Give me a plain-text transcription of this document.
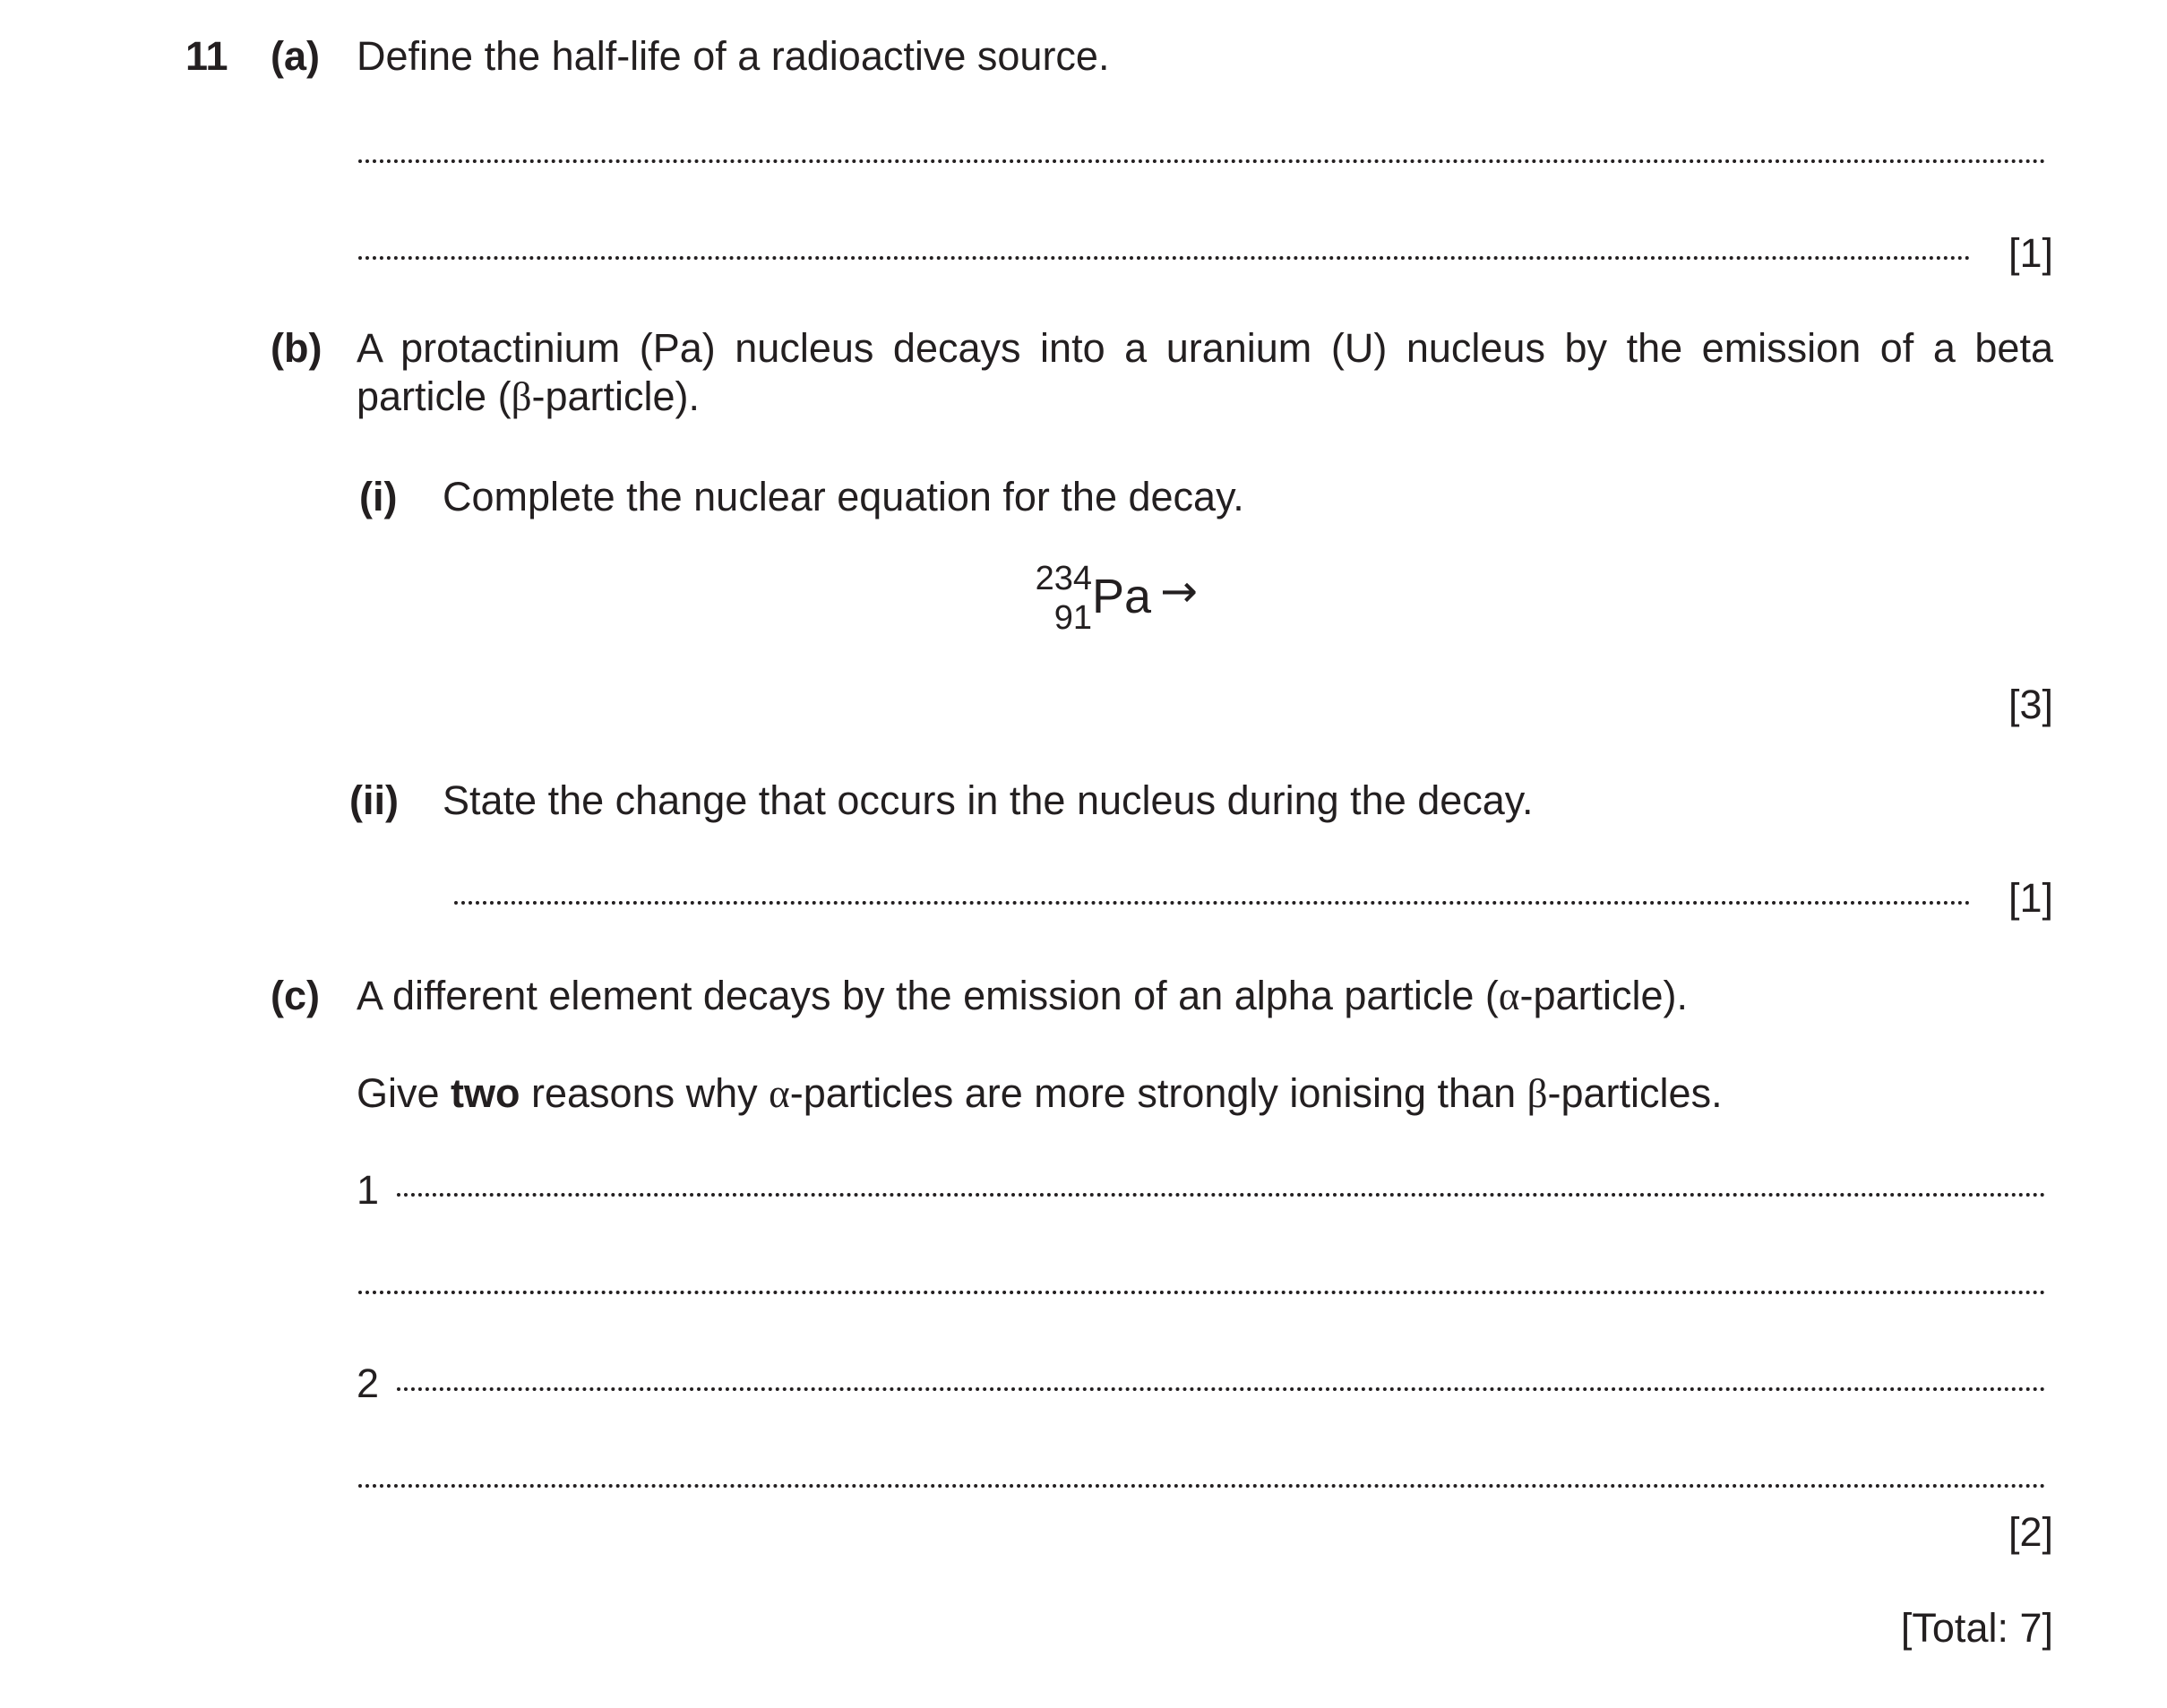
11 (a) Define the half-life of a radioactive source.
[1]
(b) A protactinium (Pa) nucleus decays into a uranium (U) nucleus by the emission of a beta
particle (β-particle).
(i) Complete the nuclear equation for the decay.
234
91 Pa →
[3]
(ii) State the change that occurs in the nucleus during the decay.
[1]
(c) A different element decays by the emission of an alpha particle (α-particle).
Give two reasons why α-particles are more strongly ionising than β-particles.
1
2
[2]
[Total: 7]
